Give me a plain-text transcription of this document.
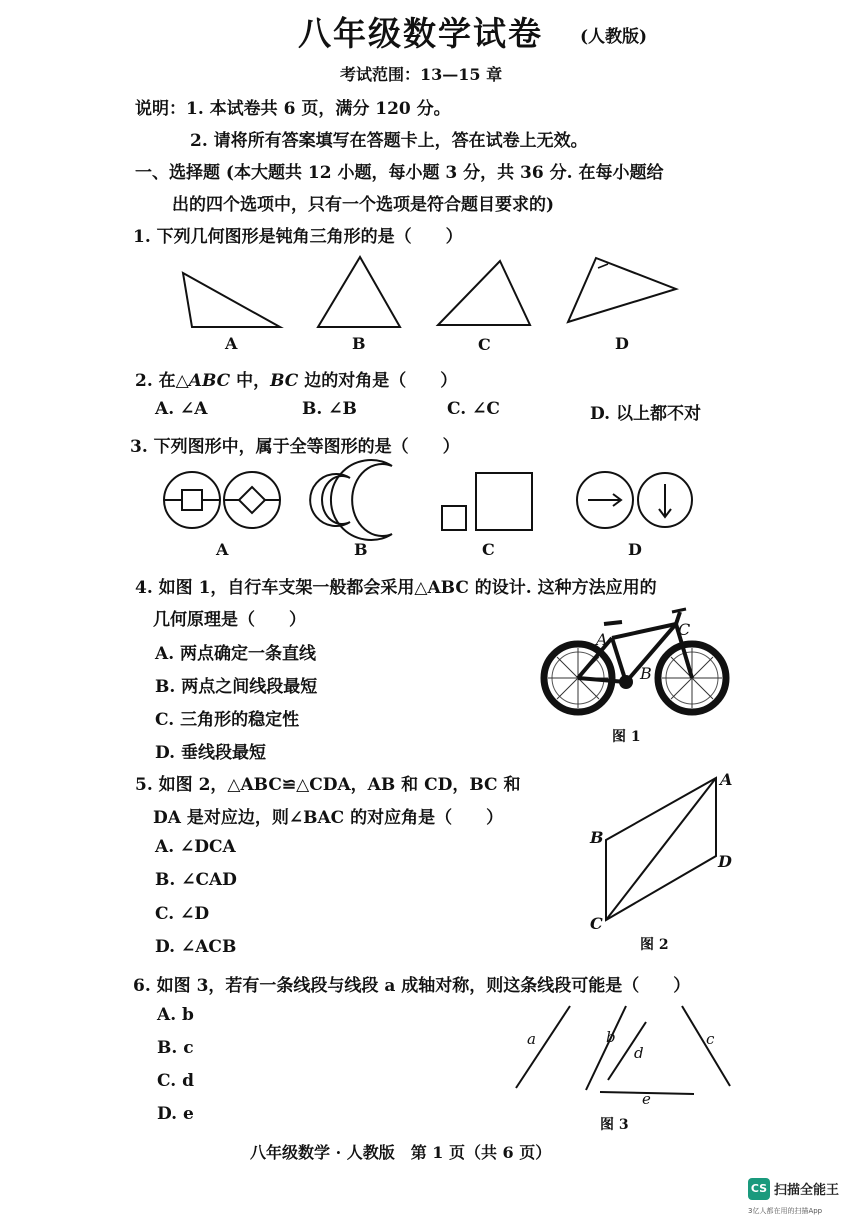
八年级数学试卷 (人教版)
考试范围：13—15 章
说明：1. 本试卷共 6 页，满分 120 分。
2. 请将所有答案填写在答题卡上，答在试卷上无效。
一、选择题 (本大题共 12 小题，每小题 3 分，共 36 分. 在每小题给
出的四个选项中，只有一个选项是符合题目要求的)
1. 下列几何图形是钝角三角形的是（　　）
A	B	C	D
2. 在△ABC 中，BC 边的对角是（　　）
A. ∠A	B. ∠B	C. ∠C	D. 以上都不对
3. 下列图形中，属于全等图形的是（　　）
A	B	C	D
4. 如图 1，自行车支架一般都会采用△ABC 的设计. 这种方法应用的
几何原理是（　　）
A. 两点确定一条直线
B. 两点之间线段最短
C. 三角形的稳定性
D. 垂线段最短
A
B
C
图 1
5. 如图 2，△ABC≌△CDA，AB 和 CD，BC 和
DA 是对应边，则∠BAC 的对应角是（　　）
A. ∠DCA
B. ∠CAD
C. ∠D
D. ∠ACB
A
B
C
D
图 2
6. 如图 3，若有一条线段与线段 a 成轴对称，则这条线段可能是（　　）
A. b
B. c
C. d
D. e
a	b	c
d
e
图 3
八年级数学 · 人教版　第 1 页（共 6 页）
CS 扫描全能王
3亿人都在用的扫描App
